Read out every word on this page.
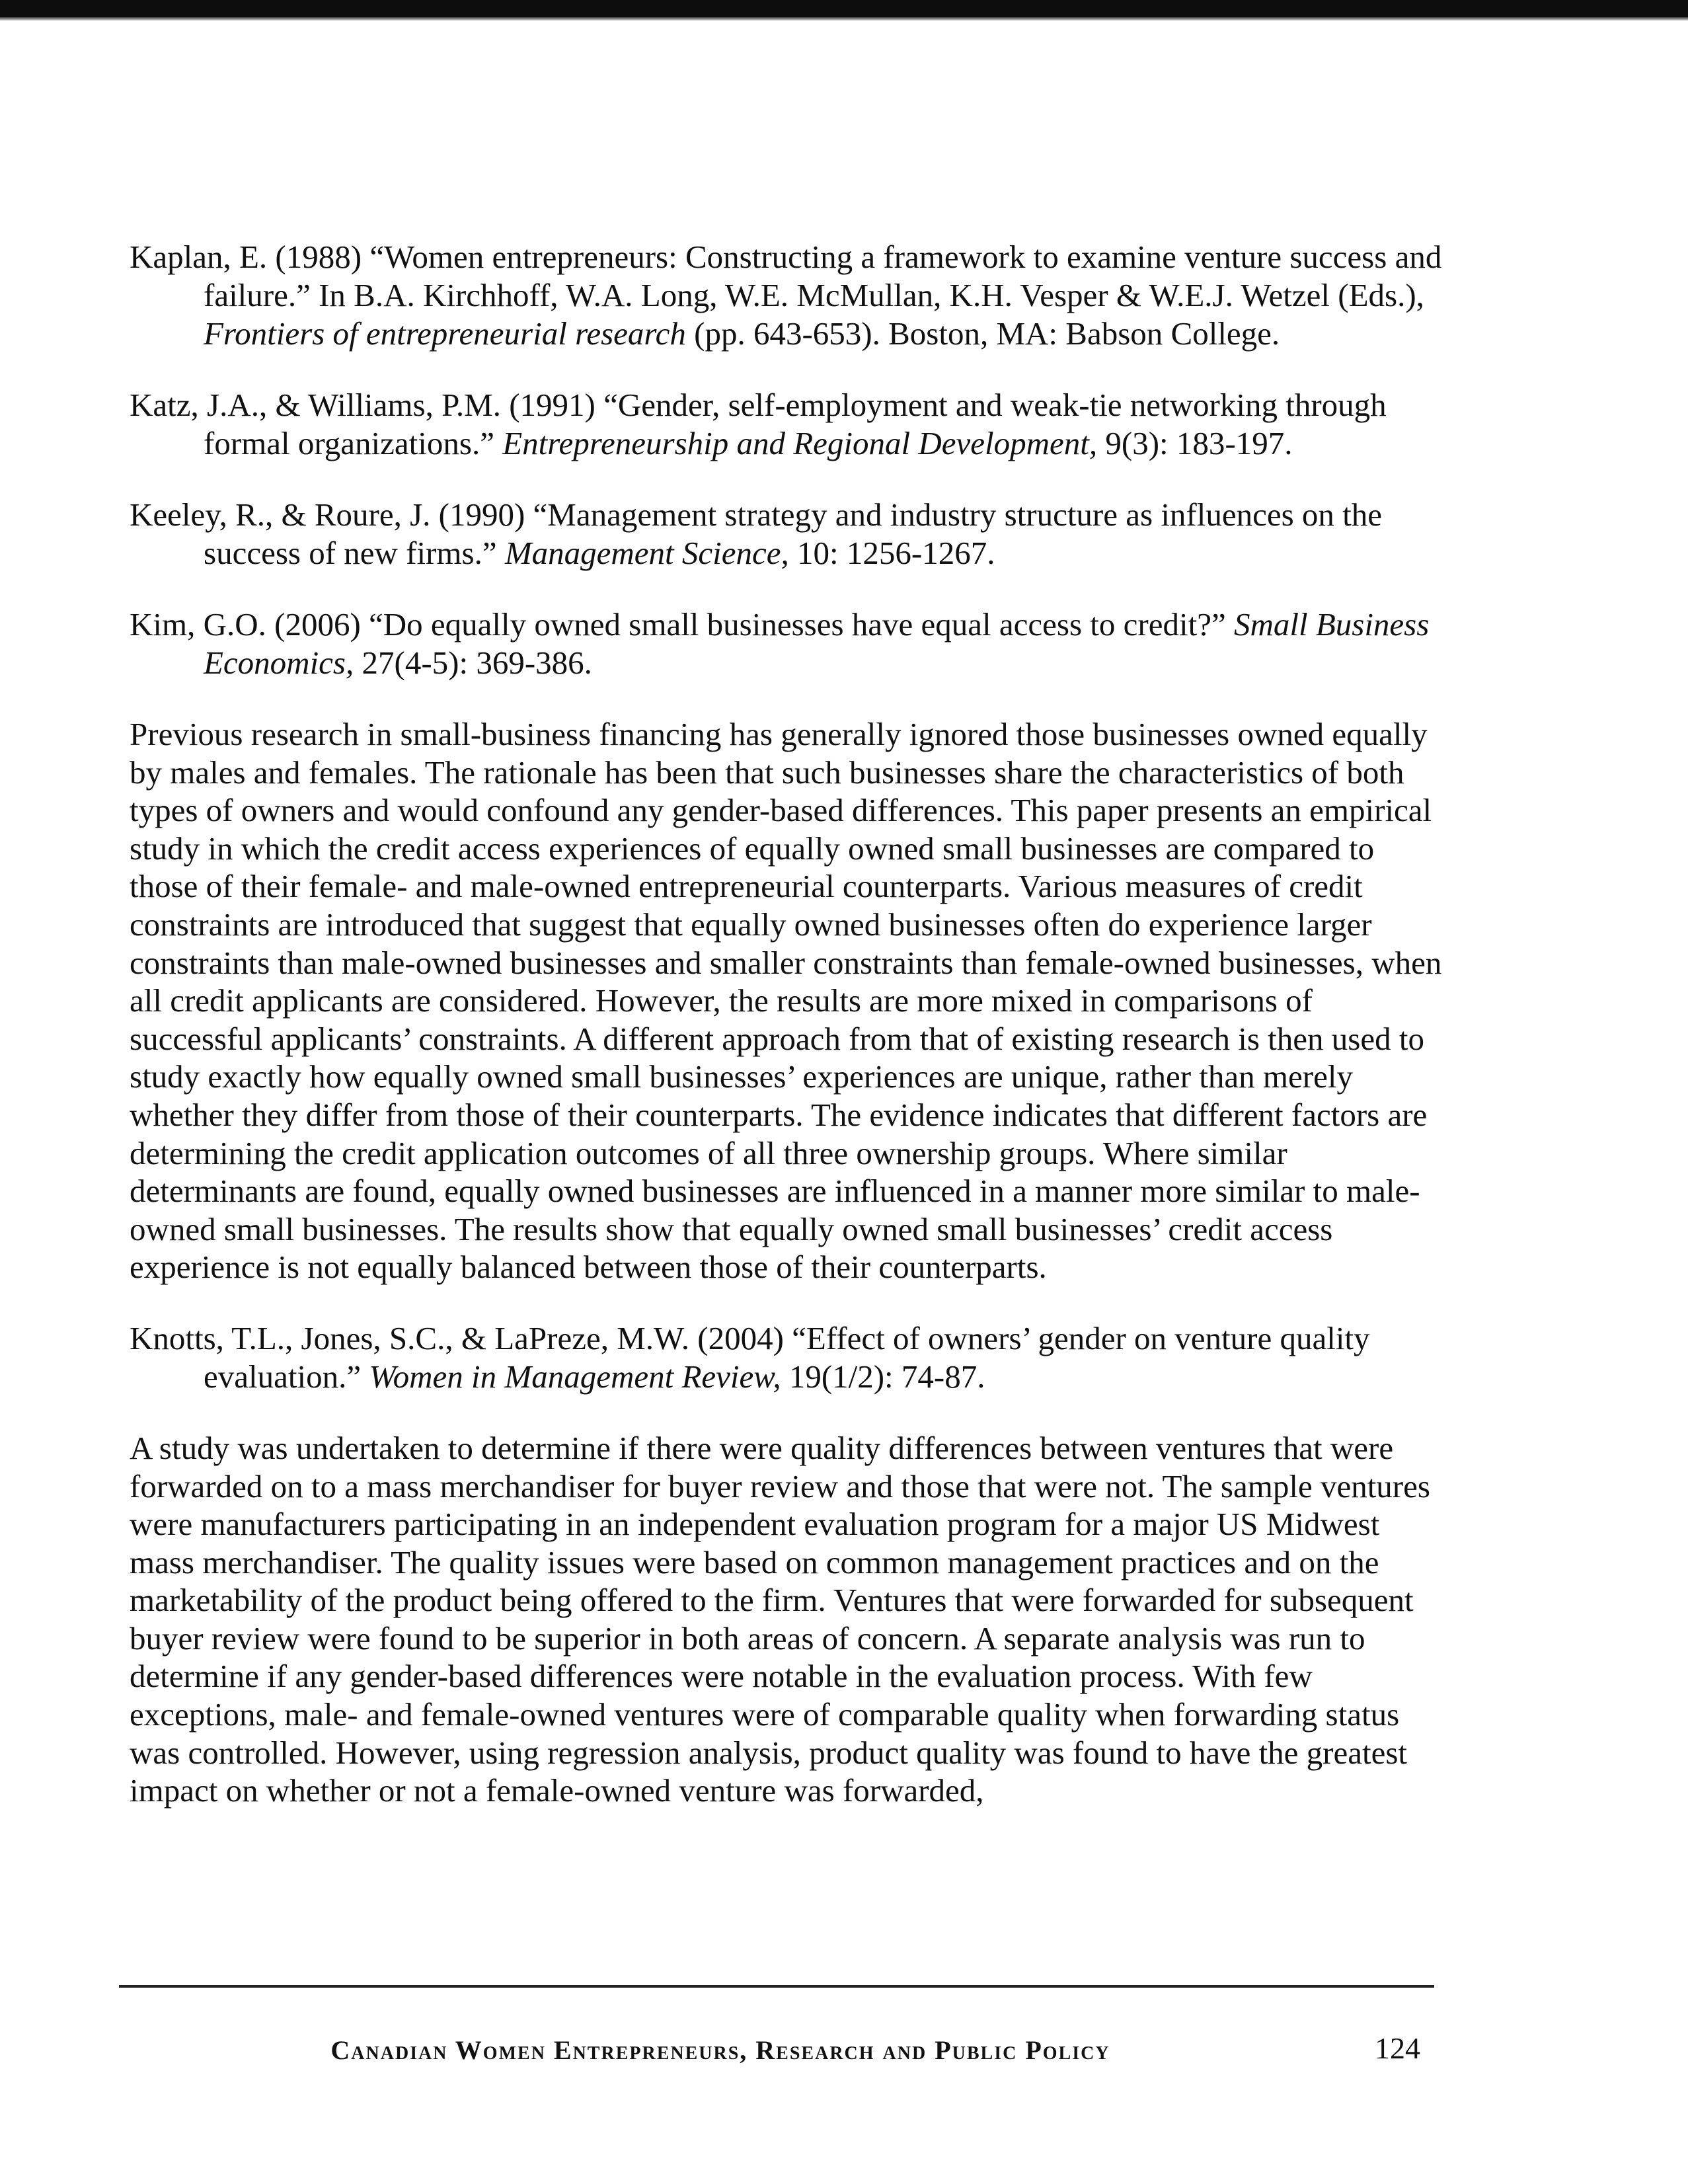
Kaplan, E. (1988) “Women entrepreneurs: Constructing a framework to examine venture success and failure.” In B.A. Kirchhoff, W.A. Long, W.E. McMullan, K.H. Vesper & W.E.J. Wetzel (Eds.), Frontiers of entrepreneurial research (pp. 643-653). Boston, MA: Babson College.

Katz, J.A., & Williams, P.M. (1991) “Gender, self-employment and weak-tie networking through formal organizations.” Entrepreneurship and Regional Development, 9(3): 183-197.

Keeley, R., & Roure, J. (1990) “Management strategy and industry structure as influences on the success of new firms.” Management Science, 10: 1256-1267.

Kim, G.O. (2006) “Do equally owned small businesses have equal access to credit?” Small Business Economics, 27(4-5): 369-386.

Previous research in small-business financing has generally ignored those businesses owned equally by males and females. The rationale has been that such businesses share the characteristics of both types of owners and would confound any gender-based differences. This paper presents an empirical study in which the credit access experiences of equally owned small businesses are compared to those of their female- and male-owned entrepreneurial counterparts. Various measures of credit constraints are introduced that suggest that equally owned businesses often do experience larger constraints than male-owned businesses and smaller constraints than female-owned businesses, when all credit applicants are considered. However, the results are more mixed in comparisons of successful applicants’ constraints. A different approach from that of existing research is then used to study exactly how equally owned small businesses’ experiences are unique, rather than merely whether they differ from those of their counterparts. The evidence indicates that different factors are determining the credit application outcomes of all three ownership groups. Where similar determinants are found, equally owned businesses are influenced in a manner more similar to male-owned small businesses. The results show that equally owned small businesses’ credit access experience is not equally balanced between those of their counterparts.

Knotts, T.L., Jones, S.C., & LaPreze, M.W. (2004) “Effect of owners’ gender on venture quality evaluation.” Women in Management Review, 19(1/2): 74-87.

A study was undertaken to determine if there were quality differences between ventures that were forwarded on to a mass merchandiser for buyer review and those that were not. The sample ventures were manufacturers participating in an independent evaluation program for a major US Midwest mass merchandiser. The quality issues were based on common management practices and on the marketability of the product being offered to the firm. Ventures that were forwarded for subsequent buyer review were found to be superior in both areas of concern. A separate analysis was run to determine if any gender-based differences were notable in the evaluation process. With few exceptions, male- and female-owned ventures were of comparable quality when forwarding status was controlled. However, using regression analysis, product quality was found to have the greatest impact on whether or not a female-owned venture was forwarded,

Canadian Women Entrepreneurs, Research and Public Policy	124
